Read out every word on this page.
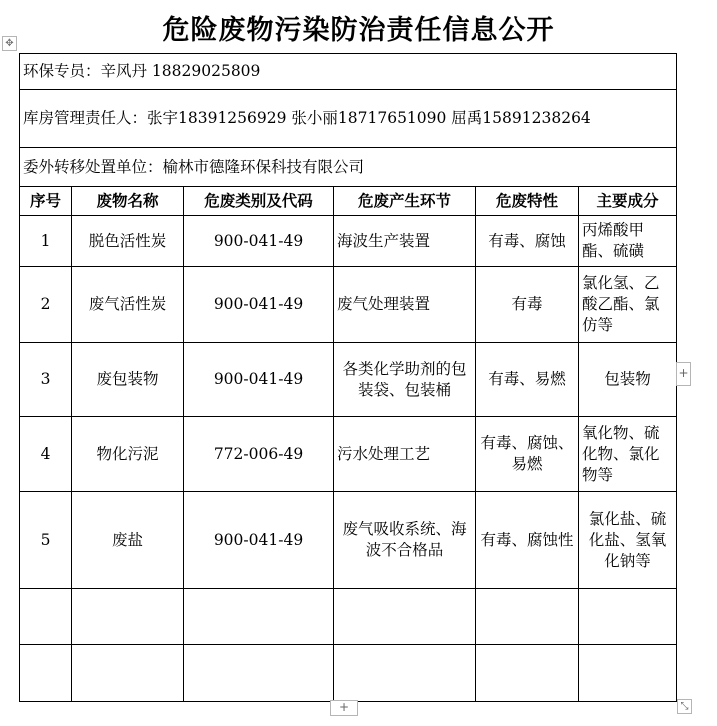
危险废物污染防治责任信息公开
✥
环保专员：辛风丹 18829025809					
库房管理责任人：张宇18391256929 张小丽18717651090 屈禹15891238264					
委外转移处置单位：榆林市德隆环保科技有限公司					
序号	废物名称	危废类别及代码	危废产生环节	危废特性	主要成分
1	脱色活性炭	900-041-49	海波生产装置	有毒、腐蚀	丙烯酸甲酯、硫磺
2	废气活性炭	900-041-49	废气处理装置	有毒	氯化氢、乙酸乙酯、氯仿等
3	废包装物	900-041-49	各类化学助剂的包装袋、包装桶	有毒、易燃	包装物
4	物化污泥	772-006-49	污水处理工艺	有毒、腐蚀、易燃	氧化物、硫化物、氯化物等
5	废盐	900-041-49	废气吸收系统、海波不合格品	有毒、腐蚀性	氯化盐、硫化盐、氢氧化钠等

+
+	⤡
